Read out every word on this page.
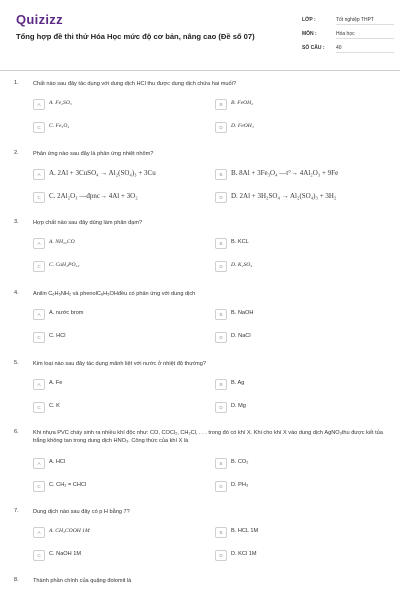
Quizizz
Tổng hợp đề thi thử Hóa Học mức độ cơ bản, nâng cao (Đề số 07)
LỚP :	Tốt nghiệp THPT
MÔN :	Hóa học
SỐ CÂU : 40
1.	Chất nào sau đây tác dụng với dung dịch HCl thu được dung dịch chứa hai muối?
A	A. Fe₂SO₃	B	B. FeOH₂
C	C. Fe₃O₄	D	D. FeOH₃
2.	Phản ứng nào sau đây là phản ứng nhiệt nhôm?
A	A. 2Al + 3CuSO₄ → Al₂(SO₄)₃ + 3Cu	B	B. 8Al + 3Fe₃O₄ —t°→ 4Al₂O₃ + 9Fe
C	C. 2Al₂O₃ —đpnc→ 4Al + 3O₂	D	D. 2Al + 3H₂SO₄ → Al₂(SO₄)₃ + 3H₂
3.	Hợp chất nào sau đây dùng làm phân đạm?
A	A. NH₂₂CO	B	B. KCL
C	C. CaH₂PO₄₂	D	D. K₂SO₄
4.	Anilin C₆H₅NH₂ và phenolC₆H₅OHđều có phản ứng với dung dịch
A	A. nước brom	B	B. NaOH
C	C. HCl	D	D. NaCl
5.	Kim loại nào sau đây tác dụng mãnh liệt với nước ở nhiệt độ thường?
A	A. Fe	B	B. Ag
C	C. K	D	D. Mg
6.	Khi nhựa PVC cháy sinh ra nhiều khí độc như: CO, COCl₂, CH₂Cl, . . . trong đó có khí X. Khi cho khí X vào dung dịch AgNO₃thu được kết tủa trắng không tan trong dung dịch HNO₃. Công thức của khí X là
A	A. HCl	B	B. CO₂
C	C. CH₂ = CHCl	D	D. PH₃
7.	Dung dịch nào sau đây có p H bằng 7?
A	A. CH₃COOH 1M	B	B. HCL 1M
C	C. NaOH 1M	D	D. KCl 1M
8.	Thành phần chính của quặng đolomit là
